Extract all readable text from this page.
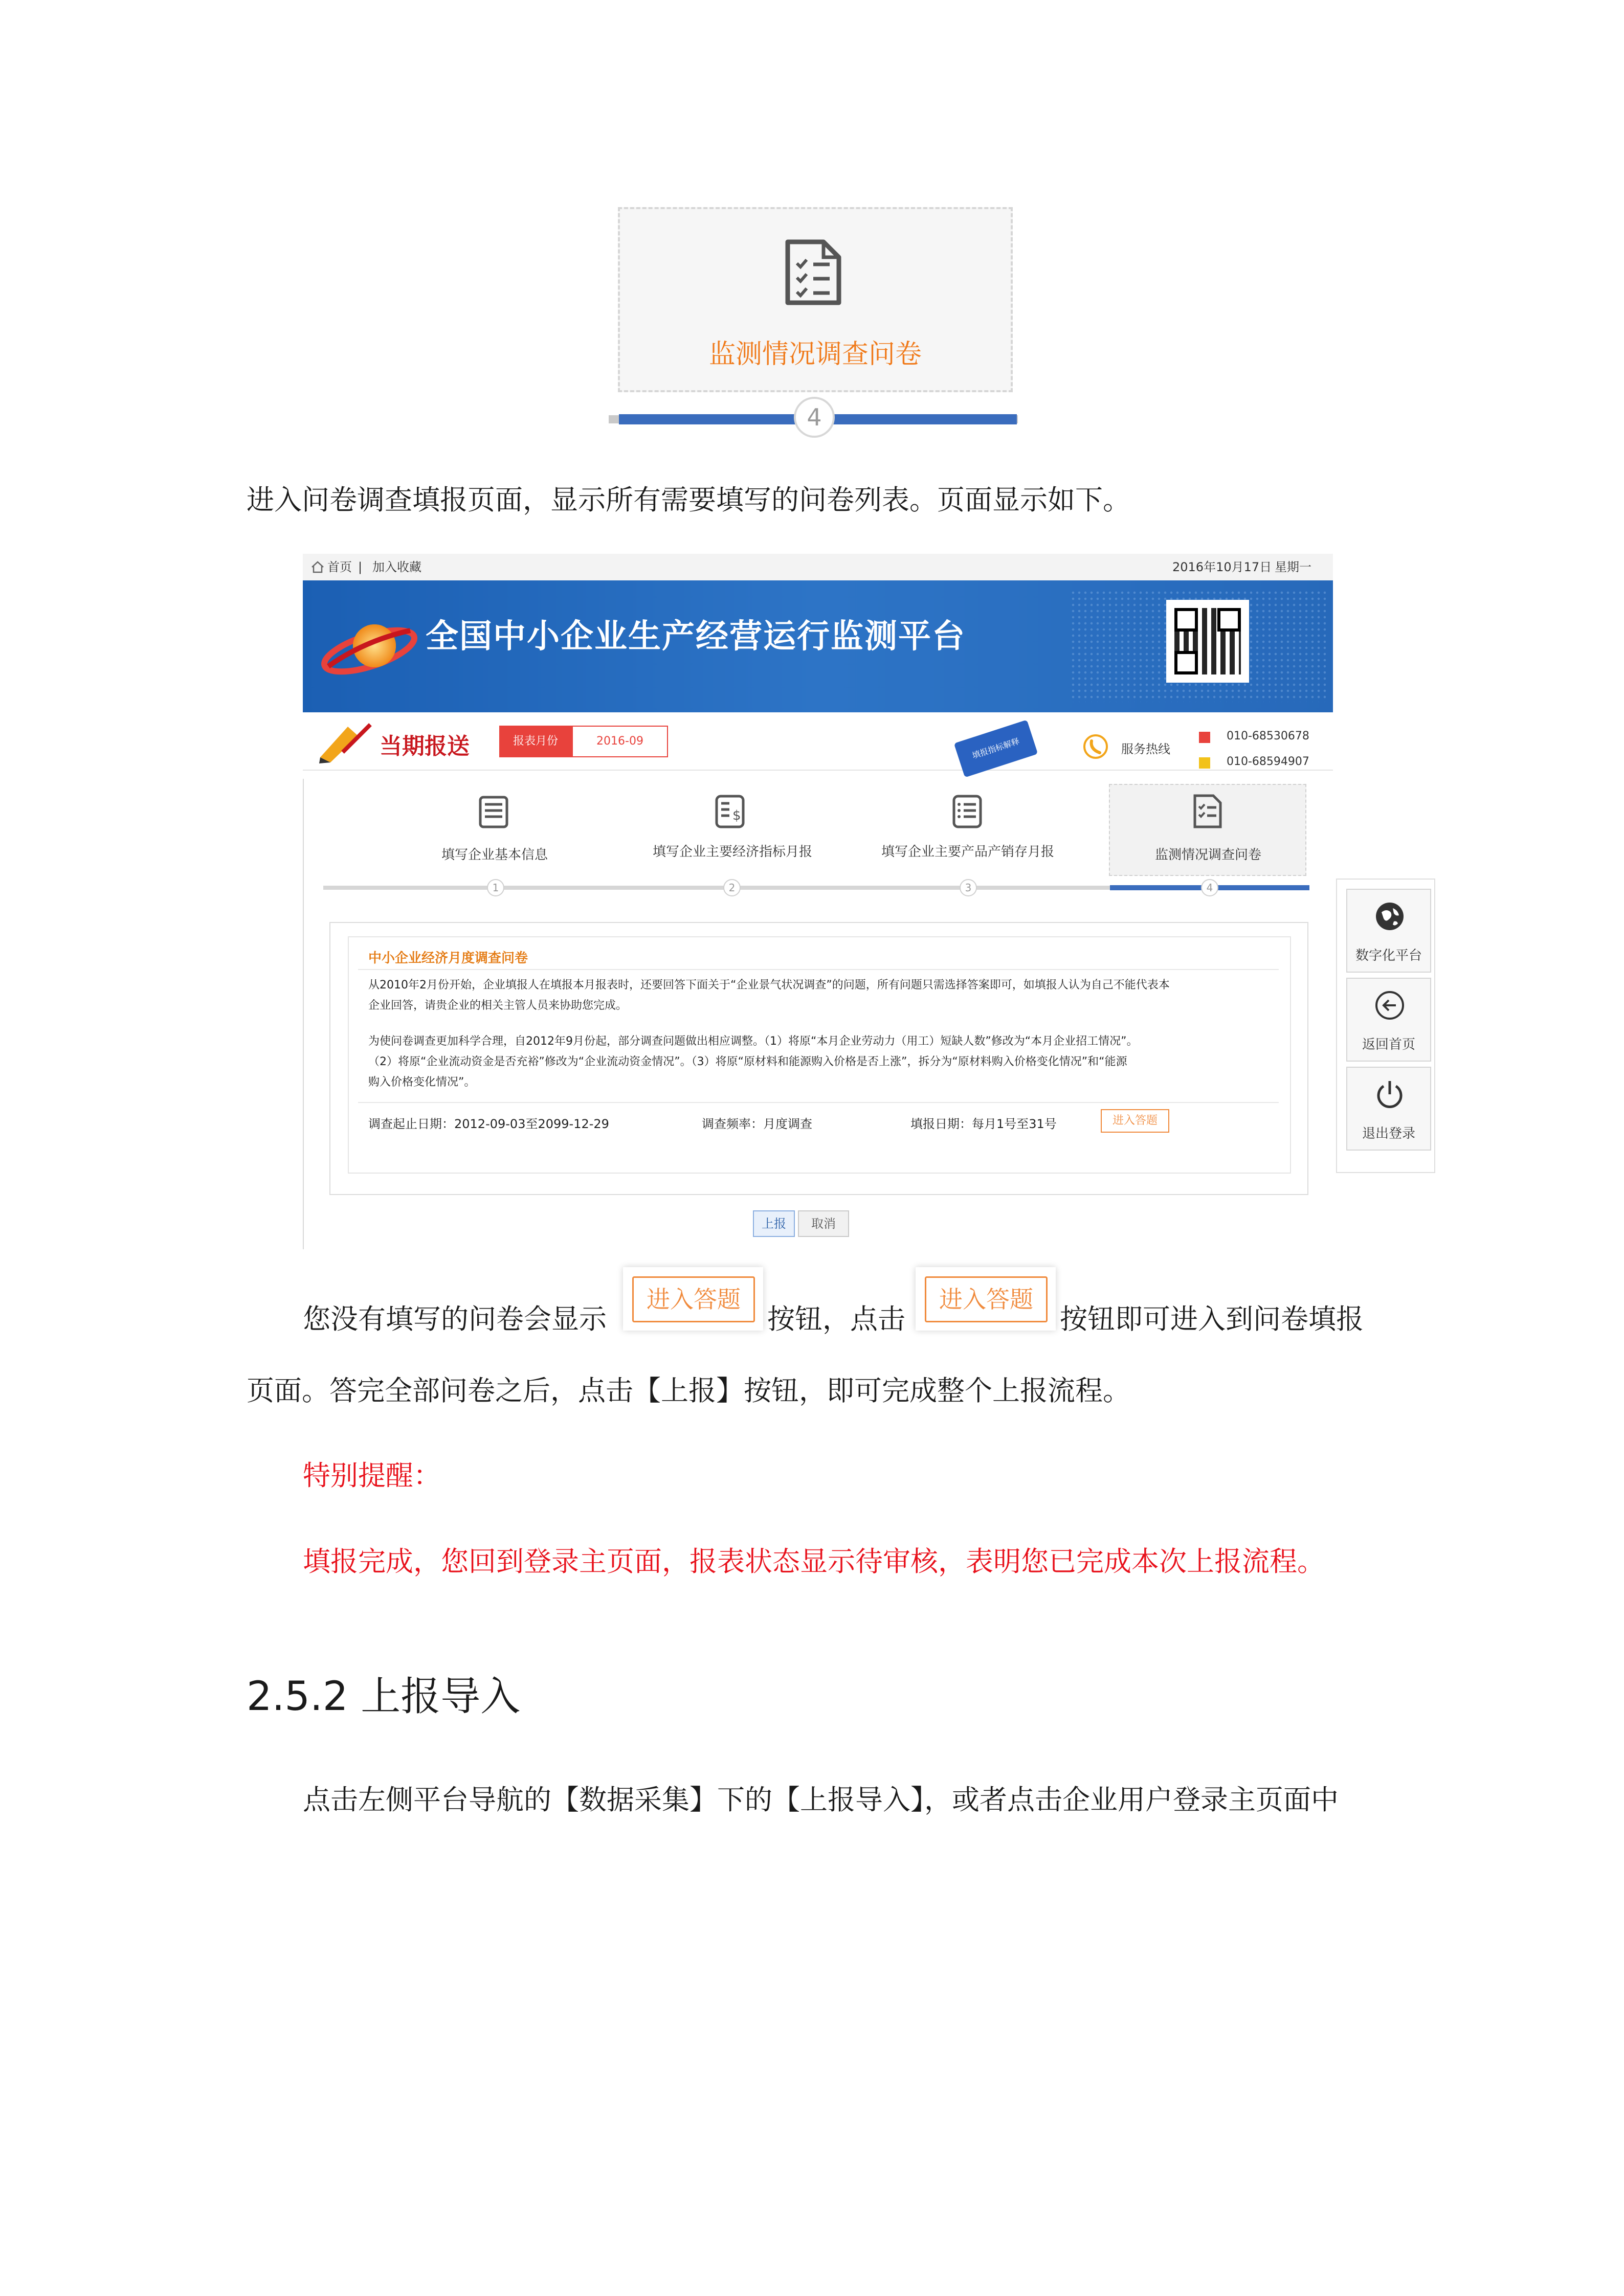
监测情况调查问卷
4
进入问卷调查填报页面，显示所有需要填写的问卷列表。页面显示如下。
首页 | 加入收藏	2016年10月17日 星期一
全国中小企业生产经营运行监测平台
当期报送	报表月份	2016-09	填报指标解释	服务热线
010-68530678
010-68594907
填写企业基本信息
$
填写企业主要经济指标月报	填写企业主要产品产销存月报	监测情况调查问卷
1	2	3	4
中小企业经济月度调查问卷
从2010年2月份开始，企业填报人在填报本月报表时，还要回答下面关于“企业景气状况调查”的问题，所有问题只需选择答案即可，如填报人认为自己不能代表本
企业回答，请贵企业的相关主管人员来协助您完成。
为使问卷调查更加科学合理，自2012年9月份起，部分调查问题做出相应调整。（1）将原“本月企业劳动力（用工）短缺人数”修改为“本月企业招工情况”。
（2）将原“企业流动资金是否充裕”修改为“企业流动资金情况”。（3）将原“原材料和能源购入价格是否上涨”，拆分为“原材料购入价格变化情况”和“能源
购入价格变化情况”。
调查起止日期：2012-09-03至2099-12-29	调查频率：月度调查	填报日期：每月1号至31号	进入答题
上报	取消
数字化平台
返回首页
退出登录
您没有填写的问卷会显示
进入答题
按钮，点击
进入答题
按钮即可进入到问卷填报
页面。答完全部问卷之后，点击【上报】按钮，即可完成整个上报流程。
特别提醒：
填报完成，您回到登录主页面，报表状态显示待审核，表明您已完成本次上报流程。
2.5.2 上报导入
点击左侧平台导航的【数据采集】下的【上报导入】，或者点击企业用户登录主页面中
